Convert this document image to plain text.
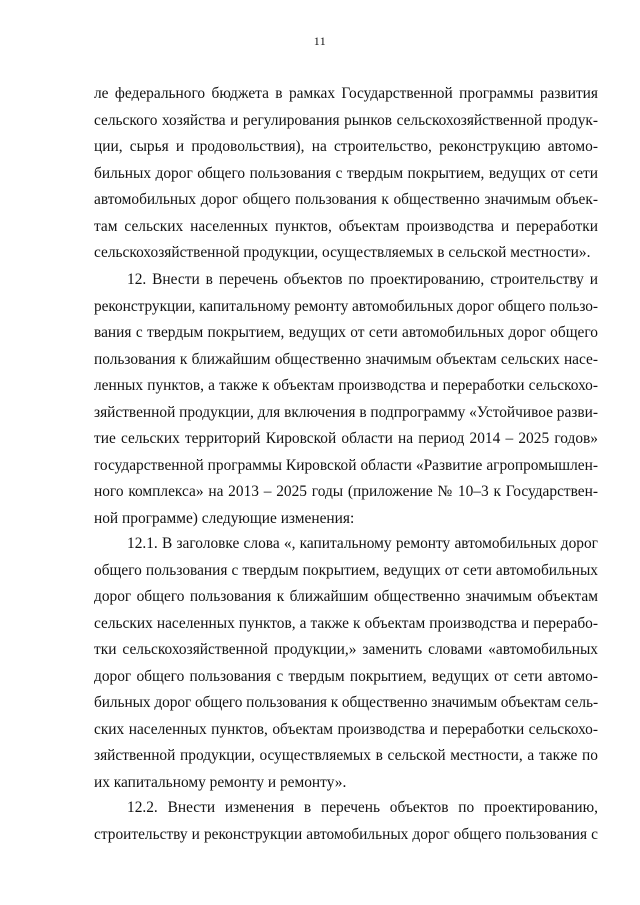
11
ле федерального бюджета в рамках Государственной программы развития
сельского хозяйства и регулирования рынков сельскохозяйственной продук-
ции, сырья и продовольствия), на строительство, реконструкцию автомо-
бильных дорог общего пользования с твердым покрытием, ведущих от сети
автомобильных дорог общего пользования к общественно значимым объек-
там сельских населенных пунктов, объектам производства и переработки
сельскохозяйственной продукции, осуществляемых в сельской местности».
12. Внести в перечень объектов по проектированию, строительству и
реконструкции, капитальному ремонту автомобильных дорог общего пользо-
вания с твердым покрытием, ведущих от сети автомобильных дорог общего
пользования к ближайшим общественно значимым объектам сельских насе-
ленных пунктов, а также к объектам производства и переработки сельскохо-
зяйственной продукции, для включения в подпрограмму «Устойчивое разви-
тие сельских территорий Кировской области на период 2014 – 2025 годов»
государственной программы Кировской области «Развитие агропромышлен-
ного комплекса» на 2013 – 2025 годы (приложение № 10–3 к Государствен-
ной программе) следующие изменения:
12.1. В заголовке слова «, капитальному ремонту автомобильных дорог
общего пользования с твердым покрытием, ведущих от сети автомобильных
дорог общего пользования к ближайшим общественно значимым объектам
сельских населенных пунктов, а также к объектам производства и перерабо-
тки сельскохозяйственной продукции,» заменить словами «автомобильных
дорог общего пользования с твердым покрытием, ведущих от сети автомо-
бильных дорог общего пользования к общественно значимым объектам сель-
ских населенных пунктов, объектам производства и переработки сельскохо-
зяйственной продукции, осуществляемых в сельской местности, а также по
их капитальному ремонту и ремонту».
12.2. Внести изменения в перечень объектов по проектированию,
строительству и реконструкции автомобильных дорог общего пользования с
